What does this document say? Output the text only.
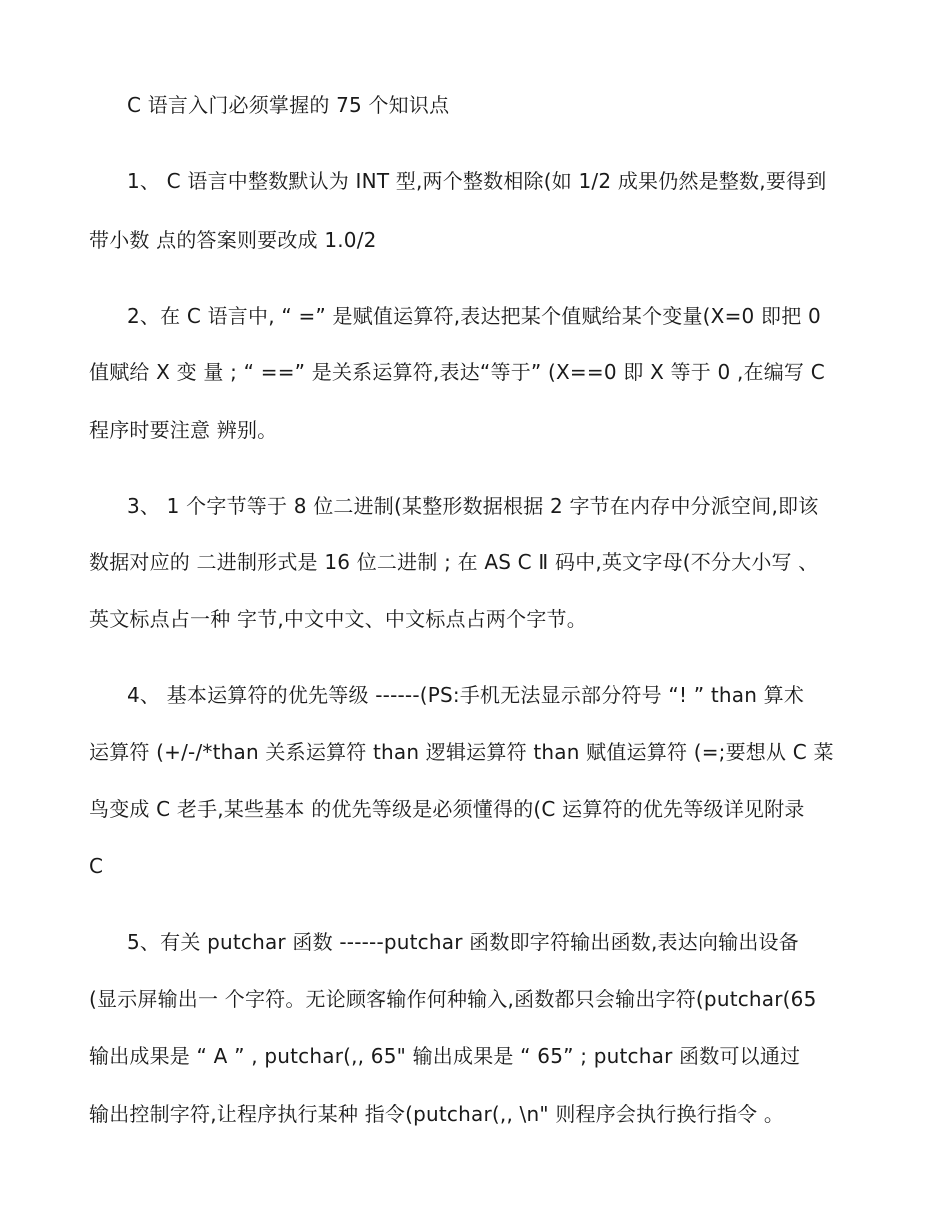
C 语言入门必须掌握的 75 个知识点
1、 C 语言中整数默认为 INT 型,两个整数相除(如 1/2 成果仍然是整数,要得到
带小数 点的答案则要改成 1.0/2
2、在 C 语言中, “ =” 是赋值运算符,表达把某个值赋给某个变量(X=0 即把 0
值赋给 X 变 量 ; “ ==” 是关系运算符,表达“等于” (X==0 即 X 等于 0 ,在编写 C
程序时要注意 辨别。
3、 1 个字节等于 8 位二进制(某整形数据根据 2 字节在内存中分派空间,即该
数据对应的 二进制形式是 16 位二进制 ; 在 AS C Ⅱ 码中,英文字母(不分大小写 、
英文标点占一种 字节,中文中文、中文标点占两个字节。
4、 基本运算符的优先等级 ------(PS:手机无法显示部分符号 “! ” than 算术
运算符 (+/-/*than 关系运算符 than 逻辑运算符 than 赋值运算符 (=;要想从 C 菜
鸟变成 C 老手,某些基本 的优先等级是必须懂得的(C 运算符的优先等级详见附录
C
5、有关 putchar 函数 ------putchar 函数即字符输出函数,表达向输出设备
(显示屏输出一 个字符。无论顾客输作何种输入,函数都只会输出字符(putchar(65
输出成果是 “ A ” , putchar(,, 65" 输出成果是 “ 65” ; putchar 函数可以通过
输出控制字符,让程序执行某种 指令(putchar(,, \n" 则程序会执行换行指令 。
